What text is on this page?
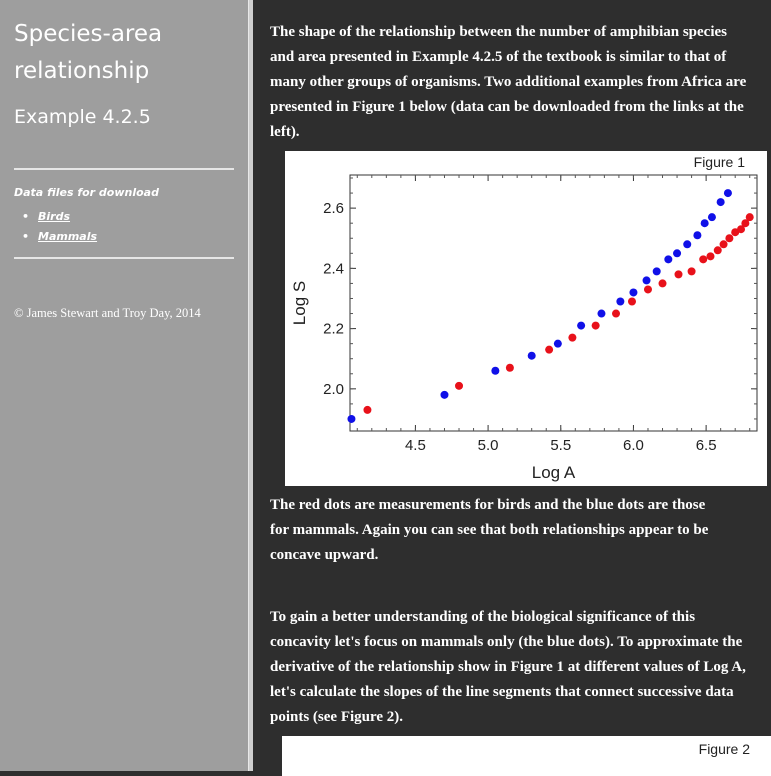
Species-area relationship
Example 4.2.5
Data files for download
• Birds
• Mammals
© James Stewart and Troy Day, 2014
The shape of the relationship between the number of amphibian species
and area presented in Example 4.2.5 of the textbook is similar to that of
many other groups of organisms. Two additional examples from Africa are
presented in Figure 1 below (data can be downloaded from the links at the
left).
Figure 1
4.5	5.0	5.5	6.0	6.5
2.0
2.2
2.4
2.6
Log A
Log S
The red dots are measurements for birds and the blue dots are those
for mammals. Again you can see that both relationships appear to be
concave upward.
To gain a better understanding of the biological significance of this
concavity let's focus on mammals only (the blue dots). To approximate the
derivative of the relationship show in Figure 1 at different values of Log A,
let's calculate the slopes of the line segments that connect successive data
points (see Figure 2).
Figure 2
